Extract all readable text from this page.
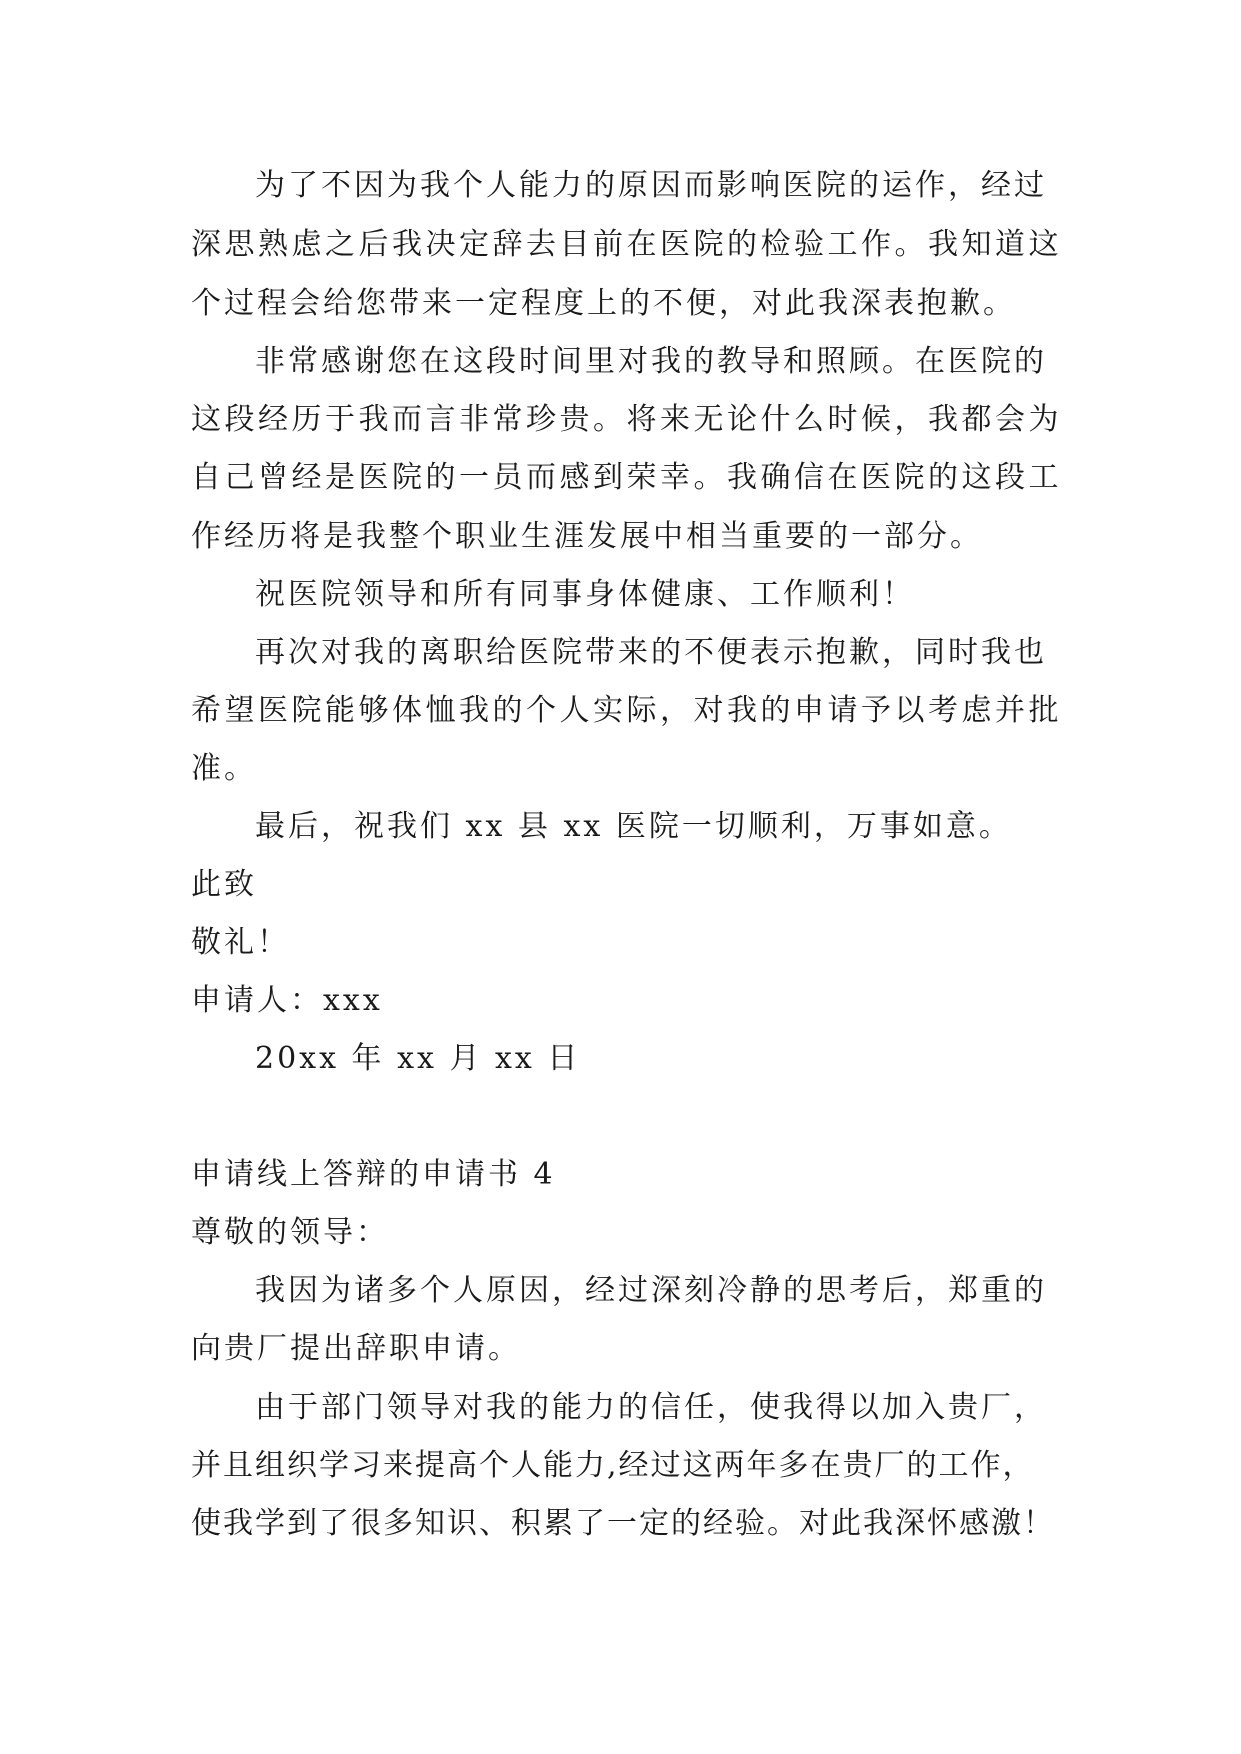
为了不因为我个人能力的原因而影响医院的运作，经过
深思熟虑之后我决定辞去目前在医院的检验工作。我知道这
个过程会给您带来一定程度上的不便，对此我深表抱歉。
非常感谢您在这段时间里对我的教导和照顾。在医院的
这段经历于我而言非常珍贵。将来无论什么时候，我都会为
自己曾经是医院的一员而感到荣幸。我确信在医院的这段工
作经历将是我整个职业生涯发展中相当重要的一部分。
祝医院领导和所有同事身体健康、工作顺利！
再次对我的离职给医院带来的不便表示抱歉，同时我也
希望医院能够体恤我的个人实际，对我的申请予以考虑并批
准。
最后，祝我们 xx 县 xx 医院一切顺利，万事如意。
此致
敬礼！
申请人：xxx
20xx 年 xx 月 xx 日
申请线上答辩的申请书 4
尊敬的领导：
我因为诸多个人原因，经过深刻冷静的思考后，郑重的
向贵厂提出辞职申请。
由于部门领导对我的能力的信任，使我得以加入贵厂，
并且组织学习来提高个人能力,经过这两年多在贵厂的工作，
使我学到了很多知识、积累了一定的经验。对此我深怀感激！
